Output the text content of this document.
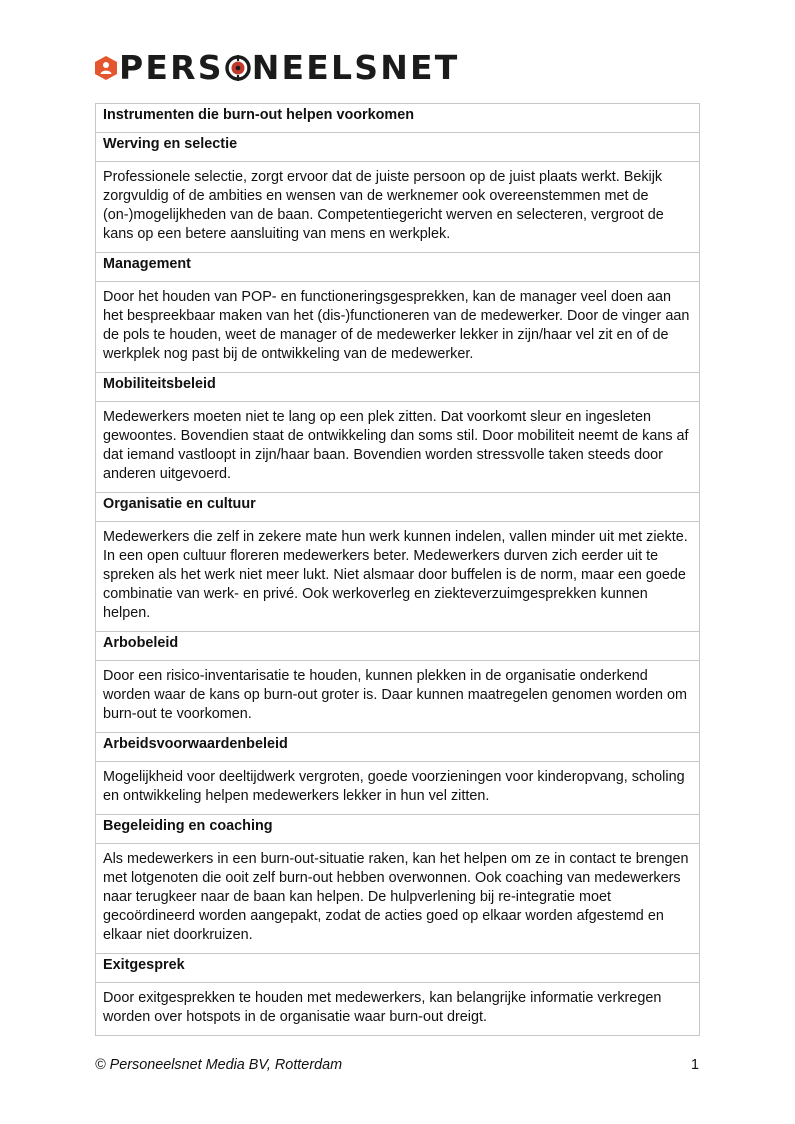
PERS NEELSNET
Instrumenten die burn-out helpen voorkomen
Werving en selectie
Professionele selectie, zorgt ervoor dat de juiste persoon op de juist plaats werkt. Bekijk zorgvuldig of de ambities en wensen van de werknemer ook overeenstemmen met de (on-)mogelijkheden van de baan. Competentiegericht werven en selecteren, vergroot de kans op een betere aansluiting van mens en werkplek.
Management
Door het houden van POP- en functioneringsgesprekken, kan de manager veel doen aan het bespreekbaar maken van het (dis-)functioneren van de medewerker. Door de vinger aan de pols te houden, weet de manager of de medewerker lekker in zijn/haar vel zit en of de werkplek nog past bij de ontwikkeling van de medewerker.
Mobiliteitsbeleid
Medewerkers moeten niet te lang op een plek zitten. Dat voorkomt sleur en ingesleten gewoontes. Bovendien staat de ontwikkeling dan soms stil. Door mobiliteit neemt de kans af dat iemand vastloopt in zijn/haar baan. Bovendien worden stressvolle taken steeds door anderen uitgevoerd.
Organisatie en cultuur
Medewerkers die zelf in zekere mate hun werk kunnen indelen, vallen minder uit met ziekte. In een open cultuur floreren medewerkers beter. Medewerkers durven zich eerder uit te spreken als het werk niet meer lukt. Niet alsmaar door buffelen is de norm, maar een goede combinatie van werk- en privé. Ook werkoverleg en ziekteverzuimgesprekken kunnen helpen.
Arbobeleid
Door een risico-inventarisatie te houden, kunnen plekken in de organisatie onderkend worden waar de kans op burn-out groter is. Daar kunnen maatregelen genomen worden om burn-out te voorkomen.
Arbeidsvoorwaardenbeleid
Mogelijkheid voor deeltijdwerk vergroten, goede voorzieningen voor kinderopvang, scholing en ontwikkeling helpen medewerkers lekker in hun vel zitten.
Begeleiding en coaching
Als medewerkers in een burn-out-situatie raken, kan het helpen om ze in contact te brengen met lotgenoten die ooit zelf burn-out hebben overwonnen. Ook coaching van medewerkers naar terugkeer naar de baan kan helpen. De hulpverlening bij re-integratie moet gecoördineerd worden aangepakt, zodat de acties goed op elkaar worden afgestemd en elkaar niet doorkruizen.
Exitgesprek
Door exitgesprekken te houden met medewerkers, kan belangrijke informatie verkregen worden over hotspots in de organisatie waar burn-out dreigt.
© Personeelsnet Media BV, Rotterdam	1
